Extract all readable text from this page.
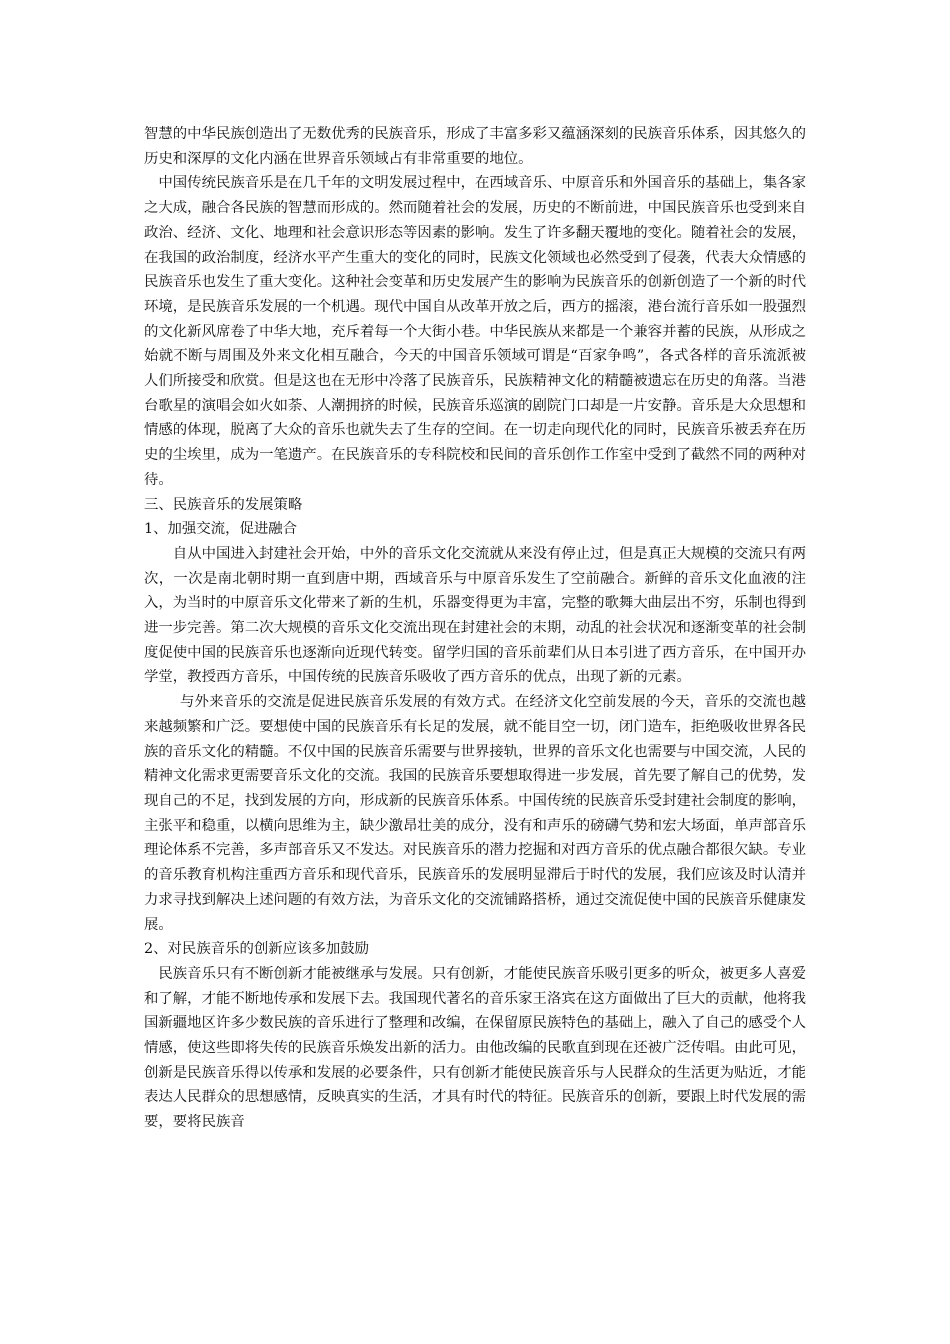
智慧的中华民族创造出了无数优秀的民族音乐，形成了丰富多彩又蕴涵深刻的民族音乐体系，因其悠久的历史和深厚的文化内涵在世界音乐领域占有非常重要的地位。

中国传统民族音乐是在几千年的文明发展过程中，在西域音乐、中原音乐和外国音乐的基础上，集各家之大成，融合各民族的智慧而形成的。然而随着社会的发展，历史的不断前进，中国民族音乐也受到来自政治、经济、文化、地理和社会意识形态等因素的影响。发生了许多翻天覆地的变化。随着社会的发展，在我国的政治制度，经济水平产生重大的变化的同时，民族文化领域也必然受到了侵袭，代表大众情感的民族音乐也发生了重大变化。这种社会变革和历史发展产生的影响为民族音乐的创新创造了一个新的时代环境，是民族音乐发展的一个机遇。现代中国自从改革开放之后，西方的摇滚，港台流行音乐如一股强烈的文化新风席卷了中华大地，充斥着每一个大街小巷。中华民族从来都是一个兼容并蓄的民族，从形成之始就不断与周围及外来文化相互融合，今天的中国音乐领域可谓是“百家争鸣”，各式各样的音乐流派被人们所接受和欣赏。但是这也在无形中冷落了民族音乐，民族精神文化的精髓被遗忘在历史的角落。当港台歌星的演唱会如火如荼、人潮拥挤的时候，民族音乐巡演的剧院门口却是一片安静。音乐是大众思想和情感的体现，脱离了大众的音乐也就失去了生存的空间。在一切走向现代化的同时，民族音乐被丢弃在历史的尘埃里，成为一笔遗产。在民族音乐的专科院校和民间的音乐创作工作室中受到了截然不同的两种对待。

三、民族音乐的发展策略

1、加强交流，促进融合

自从中国进入封建社会开始，中外的音乐文化交流就从来没有停止过，但是真正大规模的交流只有两次，一次是南北朝时期一直到唐中期，西域音乐与中原音乐发生了空前融合。新鲜的音乐文化血液的注入，为当时的中原音乐文化带来了新的生机，乐器变得更为丰富，完整的歌舞大曲层出不穷，乐制也得到进一步完善。第二次大规模的音乐文化交流出现在封建社会的末期，动乱的社会状况和逐渐变革的社会制度促使中国的民族音乐也逐渐向近现代转变。留学归国的音乐前辈们从日本引进了西方音乐，在中国开办学堂，教授西方音乐，中国传统的民族音乐吸收了西方音乐的优点，出现了新的元素。

与外来音乐的交流是促进民族音乐发展的有效方式。在经济文化空前发展的今天，音乐的交流也越来越频繁和广泛。要想使中国的民族音乐有长足的发展，就不能目空一切，闭门造车，拒绝吸收世界各民族的音乐文化的精髓。不仅中国的民族音乐需要与世界接轨，世界的音乐文化也需要与中国交流，人民的精神文化需求更需要音乐文化的交流。我国的民族音乐要想取得进一步发展，首先要了解自己的优势，发现自己的不足，找到发展的方向，形成新的民族音乐体系。中国传统的民族音乐受封建社会制度的影响，主张平和稳重，以横向思维为主，缺少激昂壮美的成分，没有和声乐的磅礴气势和宏大场面，单声部音乐理论体系不完善，多声部音乐又不发达。对民族音乐的潜力挖掘和对西方音乐的优点融合都很欠缺。专业的音乐教育机构注重西方音乐和现代音乐，民族音乐的发展明显滞后于时代的发展，我们应该及时认清并力求寻找到解决上述问题的有效方法，为音乐文化的交流铺路搭桥，通过交流促使中国的民族音乐健康发展。

2、对民族音乐的创新应该多加鼓励

民族音乐只有不断创新才能被继承与发展。只有创新，才能使民族音乐吸引更多的听众，被更多人喜爱和了解，才能不断地传承和发展下去。我国现代著名的音乐家王洛宾在这方面做出了巨大的贡献，他将我国新疆地区许多少数民族的音乐进行了整理和改编，在保留原民族特色的基础上，融入了自己的感受个人情感，使这些即将失传的民族音乐焕发出新的活力。由他改编的民歌直到现在还被广泛传唱。由此可见，创新是民族音乐得以传承和发展的必要条件，只有创新才能使民族音乐与人民群众的生活更为贴近，才能表达人民群众的思想感情，反映真实的生活，才具有时代的特征。民族音乐的创新，要跟上时代发展的需要，要将民族音
